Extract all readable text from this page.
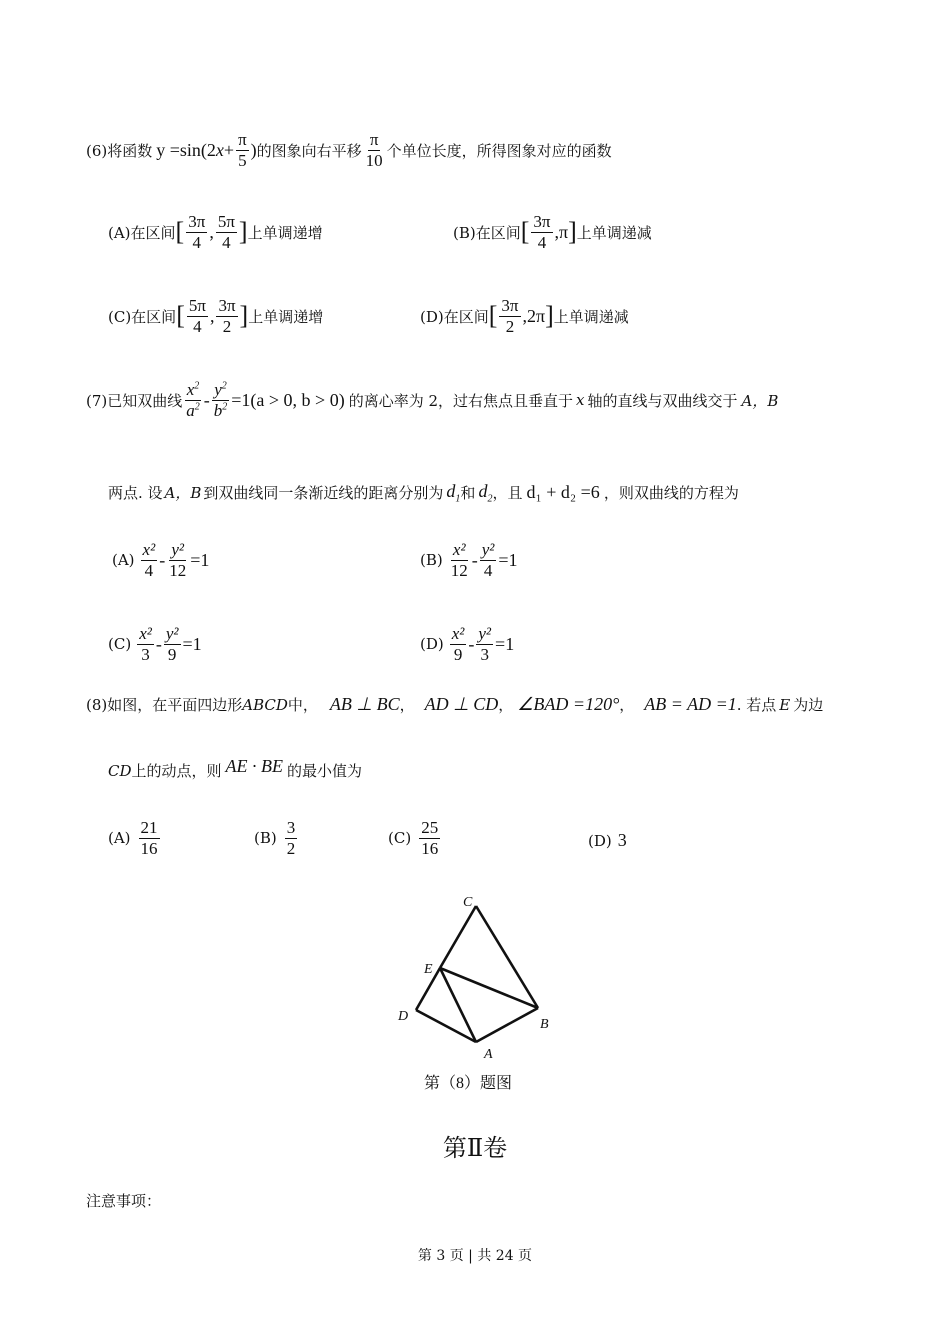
(6)将函数 y =sin(2 $x + \frac{\pi}{5}$ ) 的图象向右平移 $\frac{\pi}{10}$ 个单位长度，所得图象对应的函数
(A)在区间 [ $\frac{3\pi}{4}$ , $\frac{5\pi}{4}$ ] 上单调递增	(B)在区间 [ $\frac{3\pi}{4}$ , π ] 上单调递减
(C)在区间 [ $\frac{5\pi}{4}$ , $\frac{3\pi}{2}$ ] 上单调递增	(D)在区间 [ $\frac{3\pi}{2}$ , 2π ] 上单调递减
(7)已知双曲线 $\frac{x^2}{a^2} - \frac{y^2}{b^2} =1(a > 0$, b > 0) 的离心率为 2，过右焦点且垂直于 x 轴的直线与双曲线交于 A，B
两点. 设 A，B 到双曲线同一条渐近线的距离分别为 $d_1$ 和 $d_2$ ，且 d₁ + d₂ =6 ，则双曲线的方程为
$(A) \frac{\text{x²}}{4} - \frac{\text{y²}}{12} =1$	$(B) \frac{\text{x²}}{12} - \frac{\text{y²}}{4} =1$
$(C) \frac{\text{x²}}{3} - \frac{\text{y²}}{9} =1$	$(D) \frac{\text{x²}}{9} - \frac{\text{y²}}{3} =1$
(8)如图，在平面四边形 ABCD 中， AB ⊥ BC ， AD ⊥ CD ， ∠BAD =120° ， AB = AD =1 . 若点 E 为边
CD 上的动点，则 AE · BE 的最小值为
$(A) \frac{21}{16}$	$(B) \frac{3}{2}$	$(C) \frac{25}{16}$	(D) 3
C
E
D
B
A
第（8）题图
第Ⅱ卷
注意事项：
第 3 页 | 共 24 页
